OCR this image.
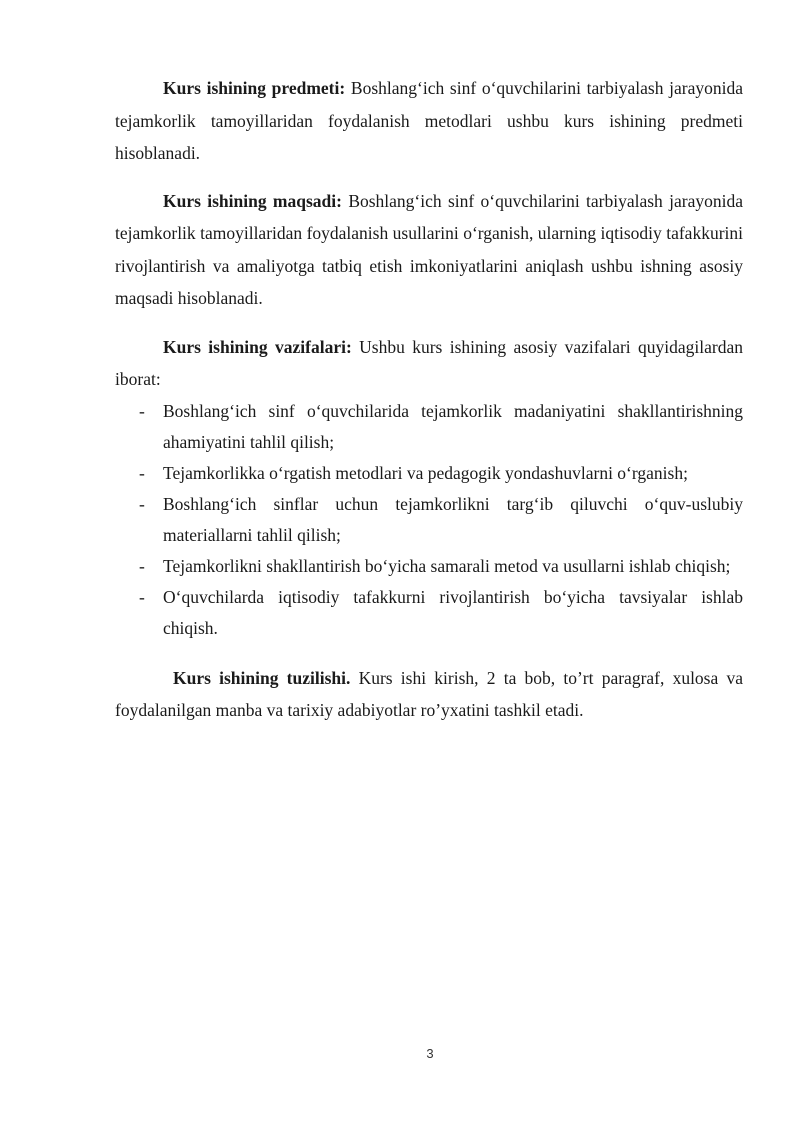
Kurs ishining predmeti: Boshlang‘ich sinf o‘quvchilarini tarbiyalash jarayonida tejamkorlik tamoyillaridan foydalanish metodlari ushbu kurs ishining predmeti hisoblanadi.

Kurs ishining maqsadi: Boshlang‘ich sinf o‘quvchilarini tarbiyalash jarayonida tejamkorlik tamoyillaridan foydalanish usullarini o‘rganish, ularning iqtisodiy tafakkurini rivojlantirish va amaliyotga tatbiq etish imkoniyatlarini aniqlash ushbu ishning asosiy maqsadi hisoblanadi.

Kurs ishining vazifalari: Ushbu kurs ishining asosiy vazifalari quyidagilardan iborat:

- Boshlang‘ich sinf o‘quvchilarida tejamkorlik madaniyatini shakllantirishning ahamiyatini tahlil qilish;
- Tejamkorlikka o‘rgatish metodlari va pedagogik yondashuvlarni o‘rganish;
- Boshlang‘ich sinflar uchun tejamkorlikni targ‘ib qiluvchi o‘quv-uslubiy materiallarni tahlil qilish;
- Tejamkorlikni shakllantirish bo‘yicha samarali metod va usullarni ishlab chiqish;
- O‘quvchilarda iqtisodiy tafakkurni rivojlantirish bo‘yicha tavsiyalar ishlab chiqish.

Kurs ishining tuzilishi. Kurs ishi kirish, 2 ta bob, to’rt paragraf, xulosa va foydalanilgan manba va tarixiy adabiyotlar ro’yxatini tashkil etadi.

3
